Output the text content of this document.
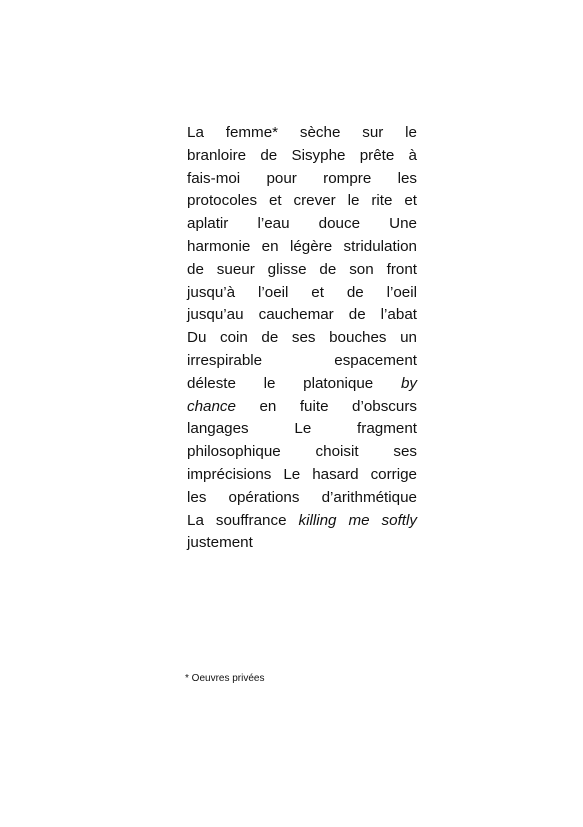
La femme* sèche sur le
branloire de Sisyphe prête à
fais-moi pour rompre les
protocoles et crever le rite et
aplatir l’eau douce Une
harmonie en légère stridulation
de sueur glisse de son front
jusqu’à l’oeil et de l’oeil
jusqu’au cauchemar de l’abat
Du coin de ses bouches un
irrespirable espacement
déleste le platonique by
chance en fuite d’obscurs
langages Le fragment
philosophique choisit ses
imprécisions Le hasard corrige
les opérations d’arithmétique
La souffrance killing me softly
justement

* Oeuvres privées
